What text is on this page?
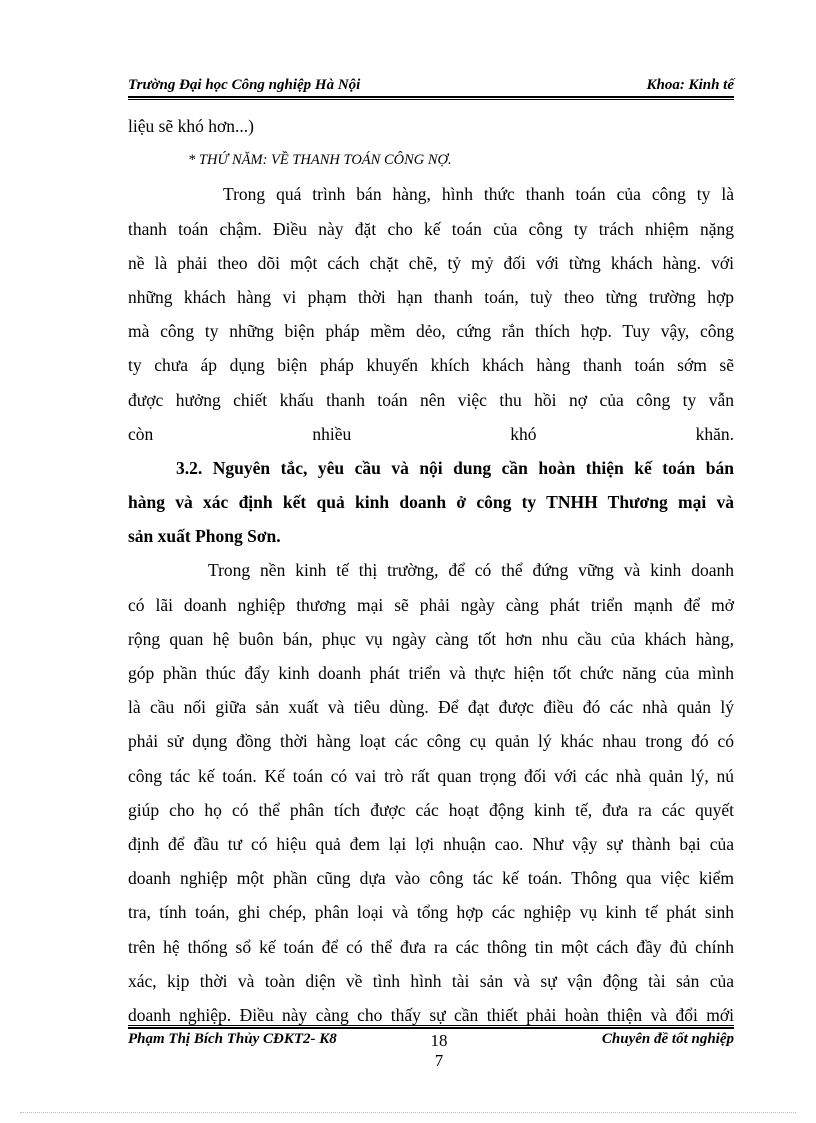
Trường Đại học Công nghiệp Hà Nội	Khoa: Kinh tế
liệu sẽ khó hơn...)
* THỨ NĂM: VỀ THANH TOÁN CÔNG NỢ.
Trong quá trình bán hàng, hình thức thanh toán của công ty là
thanh toán chậm. Điều này đặt cho kế toán của công ty trách nhiệm nặng
nề là phải theo dõi một cách chặt chẽ, tỷ mỷ đối với từng khách hàng. với
những khách hàng vi phạm thời hạn thanh toán, tuỳ theo từng trường hợp
mà công ty những biện pháp mềm dẻo, cứng rắn thích hợp. Tuy vậy, công
ty chưa áp dụng biện pháp khuyến khích khách hàng thanh toán sớm sẽ
được hưởng chiết khấu thanh toán nên việc thu hồi nợ của công ty vẫn
còn nhiều khó khăn.
3.2. Nguyên tắc, yêu cầu và nội dung cần hoàn thiện kế toán bán
hàng và xác định kết quả kinh doanh ở công ty TNHH Thương mại và
sản xuất Phong Sơn.
Trong nền kinh tế thị trường, để có thể đứng vững và kinh doanh
có lãi doanh nghiệp thương mại sẽ phải ngày càng phát triển mạnh để mở
rộng quan hệ buôn bán, phục vụ ngày càng tốt hơn nhu cầu của khách hàng,
góp phần thúc đẩy kinh doanh phát triển và thực hiện tốt chức năng của mình
là cầu nối giữa sản xuất và tiêu dùng. Để đạt được điều đó các nhà quản lý
phải sử dụng đồng thời hàng loạt các công cụ quản lý khác nhau trong đó có
công tác kế toán. Kế toán có vai trò rất quan trọng đối với các nhà quản lý, nú
giúp cho họ có thể phân tích được các hoạt động kinh tế, đưa ra các quyết
định để đầu tư có hiệu quả đem lại lợi nhuận cao. Như vậy sự thành bại của
doanh nghiệp một phần cũng dựa vào công tác kế toán. Thông qua việc kiểm
tra, tính toán, ghi chép, phân loại và tổng hợp các nghiệp vụ kinh tế phát sinh
trên hệ thống sổ kế toán để có thể đưa ra các thông tin một cách đầy đủ chính
xác, kịp thời và toàn diện về tình hình tài sản và sự vận động tài sản của
doanh nghiệp. Điều này càng cho thấy sự cần thiết phải hoàn thiện và đổi mới
Phạm Thị Bích Thủy CĐKT2- K8	Chuyên đề tốt nghiệp
18
7
